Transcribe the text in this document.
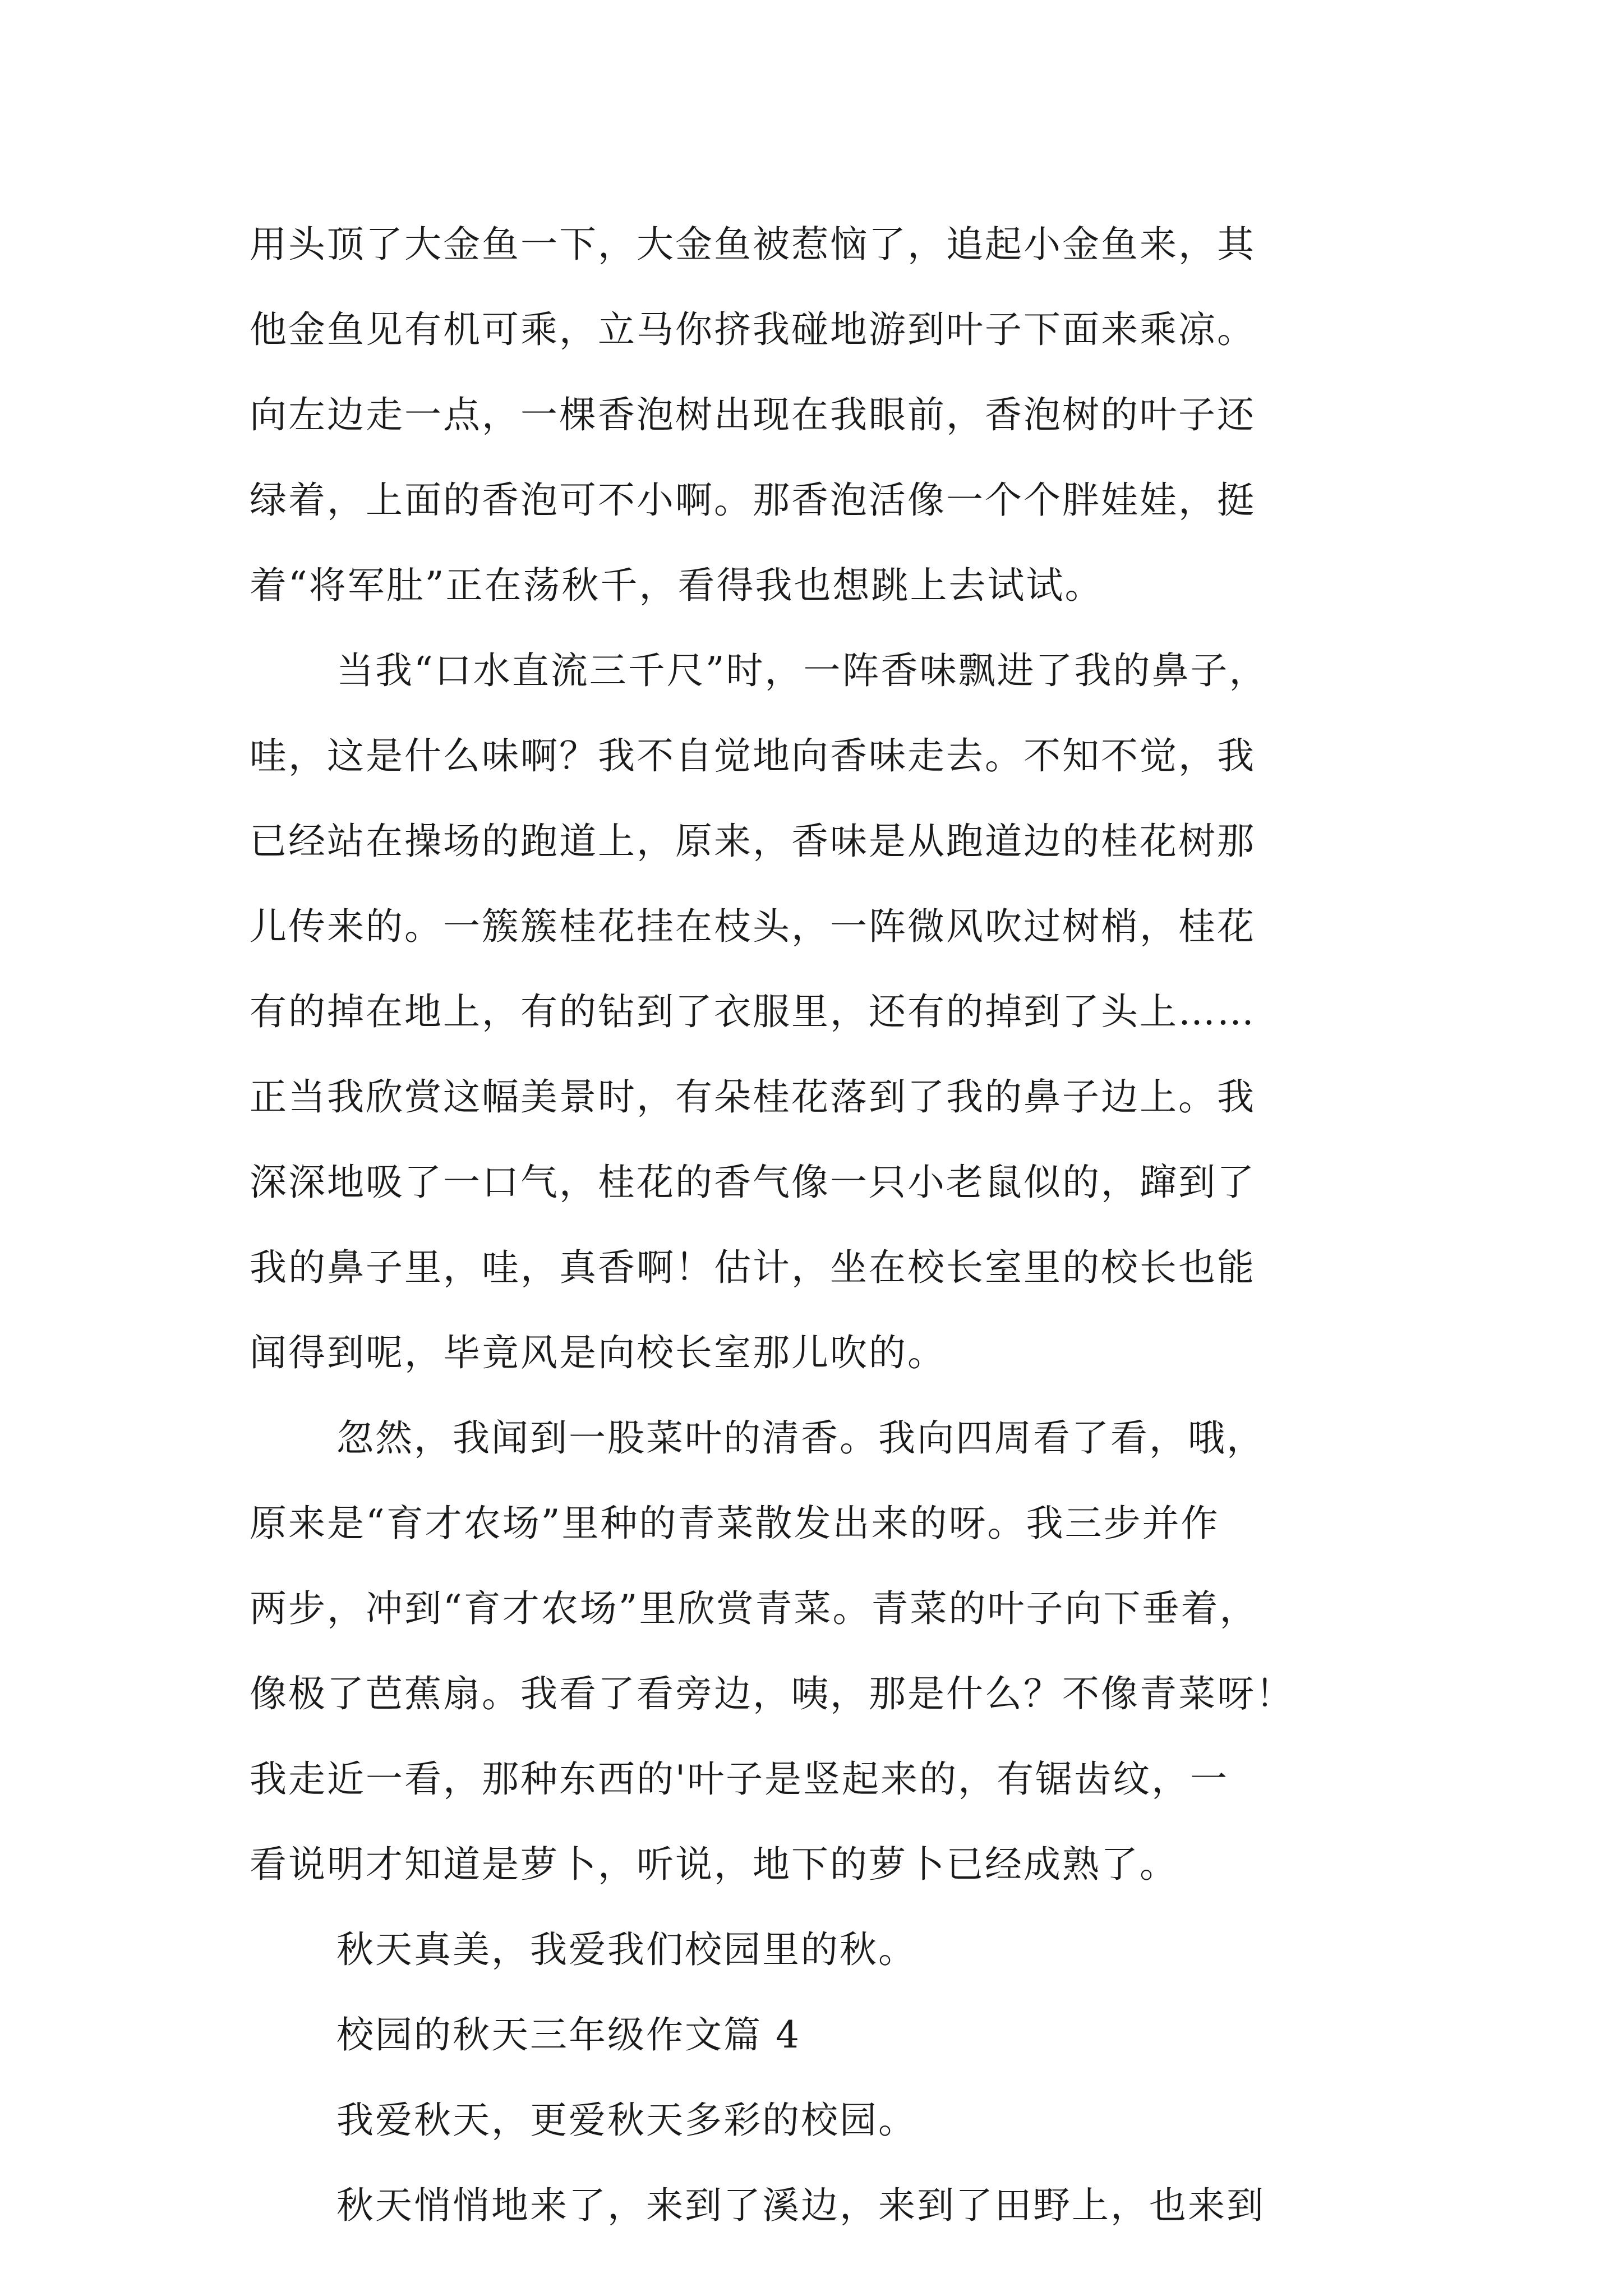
用头顶了大金鱼一下，大金鱼被惹恼了，追起小金鱼来，其
他金鱼见有机可乘，立马你挤我碰地游到叶子下面来乘凉。
向左边走一点，一棵香泡树出现在我眼前，香泡树的叶子还
绿着，上面的香泡可不小啊。那香泡活像一个个胖娃娃，挺
着“将军肚”正在荡秋千，看得我也想跳上去试试。
当我“口水直流三千尺”时，一阵香味飘进了我的鼻子，
哇，这是什么味啊？我不自觉地向香味走去。不知不觉，我
已经站在操场的跑道上，原来，香味是从跑道边的桂花树那
儿传来的。一簇簇桂花挂在枝头，一阵微风吹过树梢，桂花
有的掉在地上，有的钻到了衣服里，还有的掉到了头上……
正当我欣赏这幅美景时，有朵桂花落到了我的鼻子边上。我
深深地吸了一口气，桂花的香气像一只小老鼠似的，蹿到了
我的鼻子里，哇，真香啊！估计，坐在校长室里的校长也能
闻得到呢，毕竟风是向校长室那儿吹的。
忽然，我闻到一股菜叶的清香。我向四周看了看，哦，
原来是“育才农场”里种的青菜散发出来的呀。我三步并作
两步，冲到“育才农场”里欣赏青菜。青菜的叶子向下垂着，
像极了芭蕉扇。我看了看旁边，咦，那是什么？不像青菜呀！
我走近一看，那种东西的'叶子是竖起来的，有锯齿纹，一
看说明才知道是萝卜，听说，地下的萝卜已经成熟了。
秋天真美，我爱我们校园里的秋。
校园的秋天三年级作文篇 4
我爱秋天，更爱秋天多彩的校园。
秋天悄悄地来了，来到了溪边，来到了田野上，也来到
